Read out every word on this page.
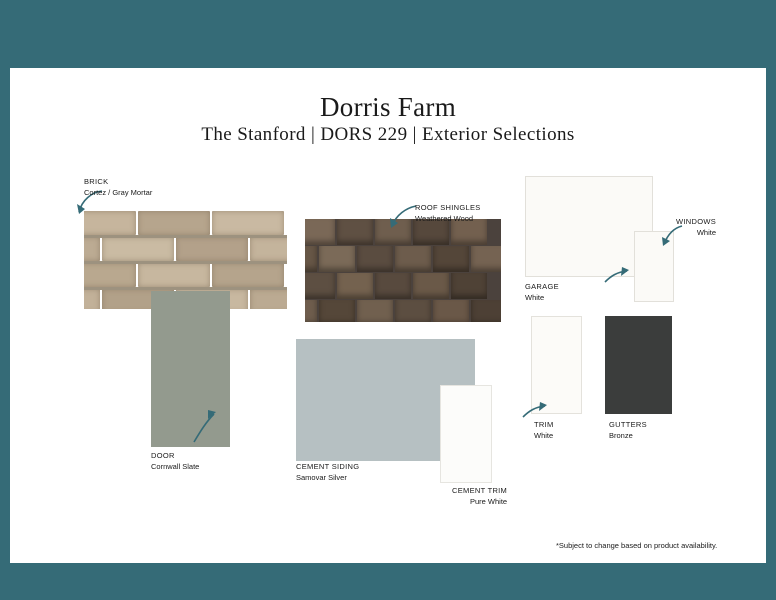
Dorris Farm
The Stanford | DORS 229 | Exterior Selections
BRICK
Cortez / Gray Mortar
ROOF SHINGLES
Weathered Wood	WINDOWS
White
GARAGE
White
DOOR
Cornwall Slate
TRIM
White
GUTTERS
Bronze
CEMENT SIDING
Samovar Silver
CEMENT TRIM
Pure White
*Subject to change based on product availability.
